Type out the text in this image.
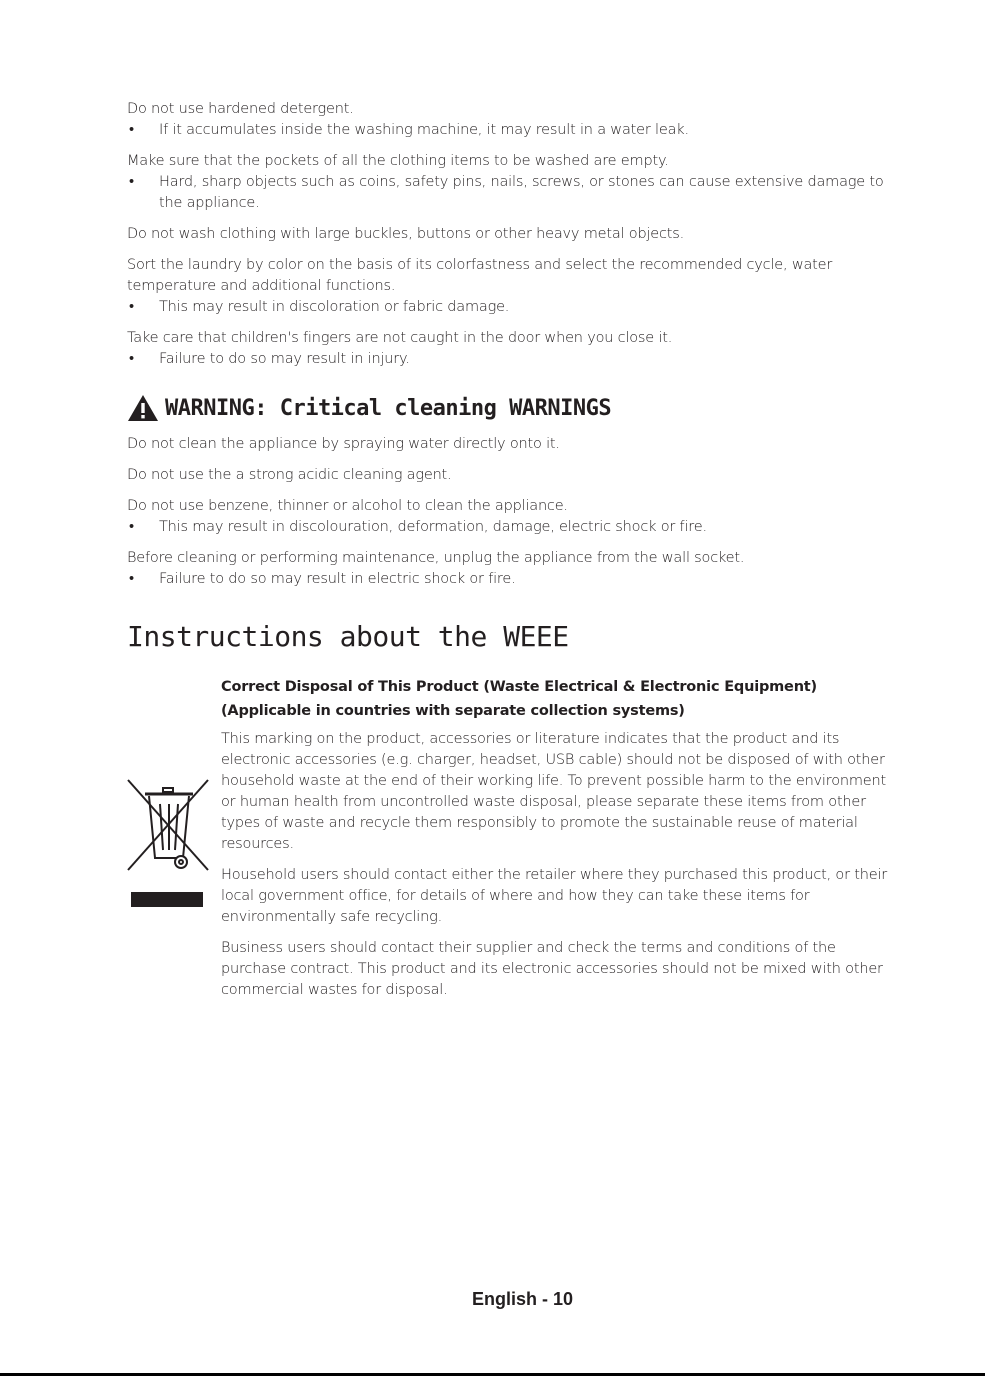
Do not use hardened detergent.

• If it accumulates inside the washing machine, it may result in a water leak.

Make sure that the pockets of all the clothing items to be washed are empty.

• Hard, sharp objects such as coins, safety pins, nails, screws, or stones can cause extensive damage to the appliance.

Do not wash clothing with large buckles, buttons or other heavy metal objects.

Sort the laundry by color on the basis of its colorfastness and select the recommended cycle, water temperature and additional functions.

• This may result in discoloration or fabric damage.

Take care that children's fingers are not caught in the door when you close it.

• Failure to do so may result in injury.

WARNING: Critical cleaning WARNINGS

Do not clean the appliance by spraying water directly onto it.

Do not use the a strong acidic cleaning agent.

Do not use benzene, thinner or alcohol to clean the appliance.

• This may result in discolouration, deformation, damage, electric shock or fire.

Before cleaning or performing maintenance, unplug the appliance from the wall socket.

• Failure to do so may result in electric shock or fire.

Instructions about the WEEE
Correct Disposal of This Product (Waste Electrical & Electronic Equipment)
(Applicable in countries with separate collection systems)

This marking on the product, accessories or literature indicates that the product and its electronic accessories (e.g. charger, headset, USB cable) should not be disposed of with other household waste at the end of their working life. To prevent possible harm to the environment or human health from uncontrolled waste disposal, please separate these items from other types of waste and recycle them responsibly to promote the sustainable reuse of material resources.

Household users should contact either the retailer where they purchased this product, or their local government office, for details of where and how they can take these items for environmentally safe recycling.

Business users should contact their supplier and check the terms and conditions of the purchase contract. This product and its electronic accessories should not be mixed with other commercial wastes for disposal.

English - 10
